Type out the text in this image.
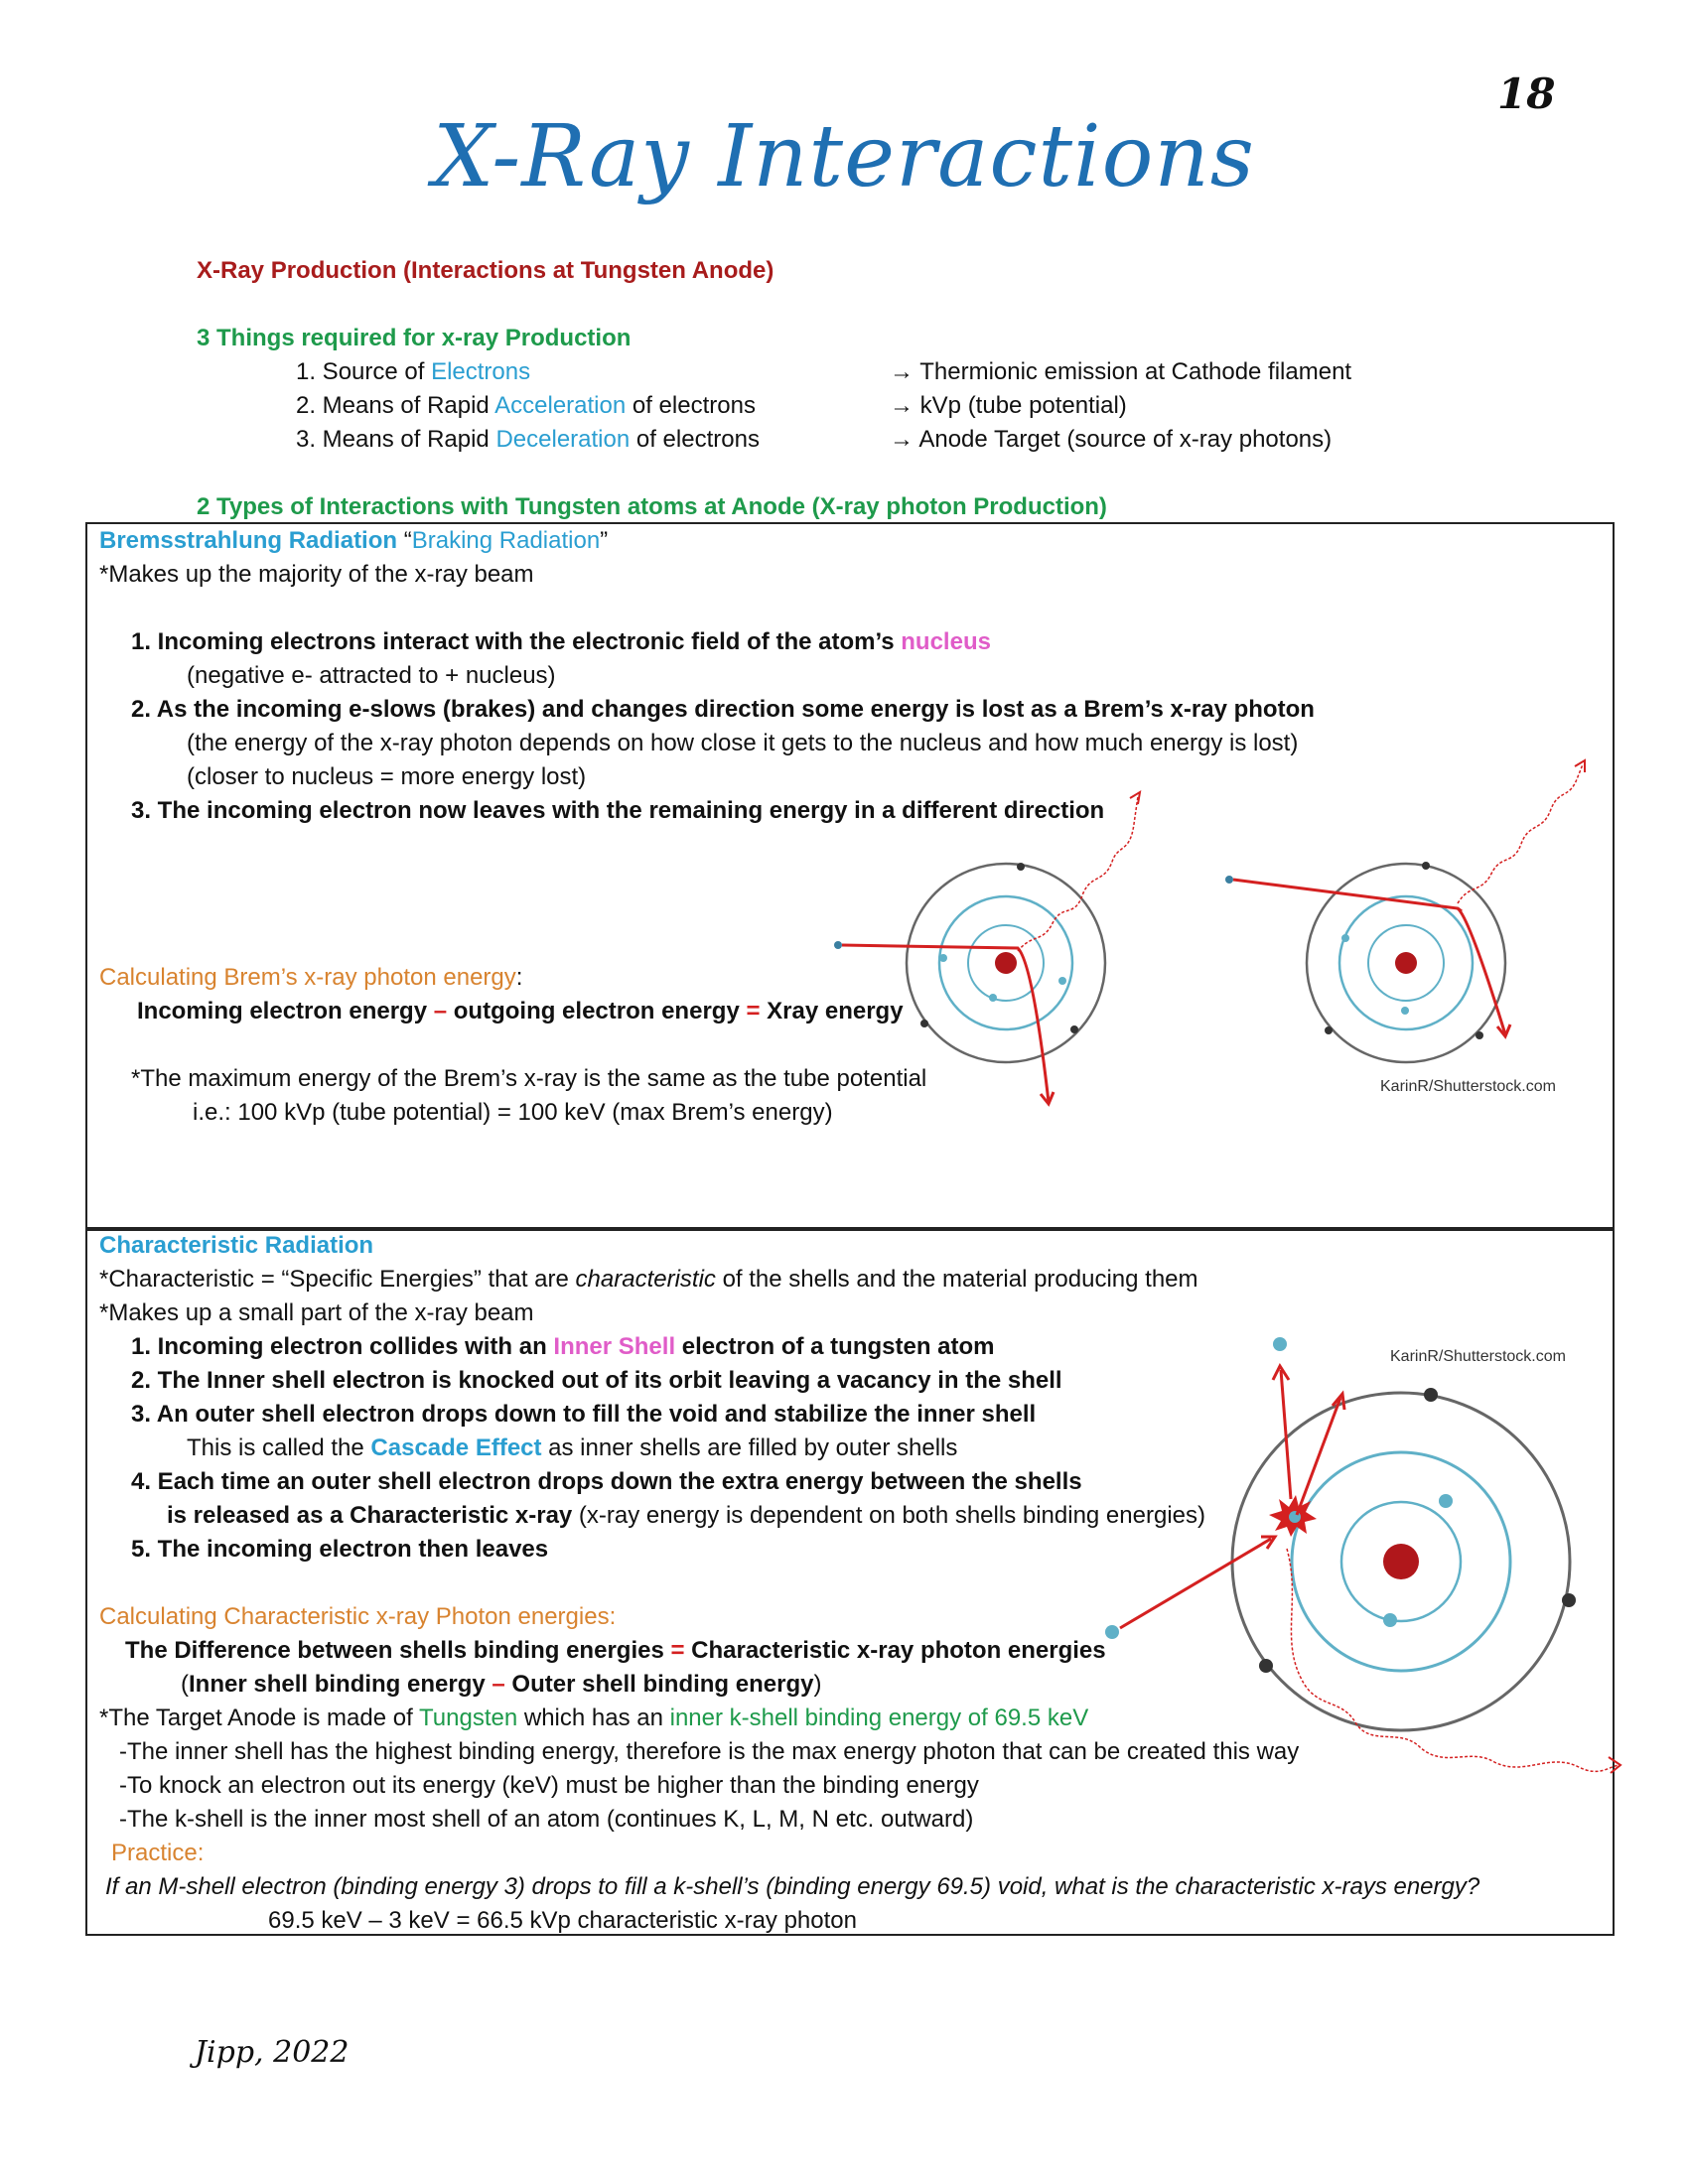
18
X-Ray Interactions
X-Ray Production (Interactions at Tungsten Anode)
3 Things required for x-ray Production
1. Source of Electrons
2. Means of Rapid Acceleration of electrons
3. Means of Rapid Deceleration of electrons
→ Thermionic emission at Cathode filament
→ kVp (tube potential)
→ Anode Target (source of x-ray photons)
2 Types of Interactions with Tungsten atoms at Anode (X-ray photon Production)
Bremsstrahlung Radiation “Braking Radiation”
*Makes up the majority of the x-ray beam
1. Incoming electrons interact with the electronic field of the atom’s nucleus
(negative e- attracted to + nucleus)
2. As the incoming e-slows (brakes) and changes direction some energy is lost as a Brem’s x-ray photon
(the energy of the x-ray photon depends on how close it gets to the nucleus and how much energy is lost)
(closer to nucleus = more energy lost)
3. The incoming electron now leaves with the remaining energy in a different direction
Calculating Brem’s x-ray photon energy:
Incoming electron energy – outgoing electron energy = Xray energy
*The maximum energy of the Brem’s x-ray is the same as the tube potential
i.e.: 100 kVp (tube potential) = 100 keV (max Brem’s energy)
KarinR/Shutterstock.com
Characteristic Radiation
*Characteristic = “Specific Energies” that are characteristic of the shells and the material producing them
*Makes up a small part of the x-ray beam
1. Incoming electron collides with an Inner Shell electron of a tungsten atom
2. The Inner shell electron is knocked out of its orbit leaving a vacancy in the shell
3. An outer shell electron drops down to fill the void and stabilize the inner shell
This is called the Cascade Effect as inner shells are filled by outer shells
4. Each time an outer shell electron drops down the extra energy between the shells
is released as a Characteristic x-ray (x-ray energy is dependent on both shells binding energies)
5. The incoming electron then leaves
Calculating Characteristic x-ray Photon energies:
The Difference between shells binding energies = Characteristic x-ray photon energies
(Inner shell binding energy – Outer shell binding energy)
*The Target Anode is made of Tungsten which has an inner k-shell binding energy of 69.5 keV
-The inner shell has the highest binding energy, therefore is the max energy photon that can be created this way
-To knock an electron out its energy (keV) must be higher than the binding energy
-The k-shell is the inner most shell of an atom (continues K, L, M, N etc. outward)
Practice:
If an M-shell electron (binding energy 3) drops to fill a k-shell’s (binding energy 69.5) void, what is the characteristic x-rays energy?
69.5 keV – 3 keV = 66.5 kVp characteristic x-ray photon
KarinR/Shutterstock.com
Jipp, 2022
